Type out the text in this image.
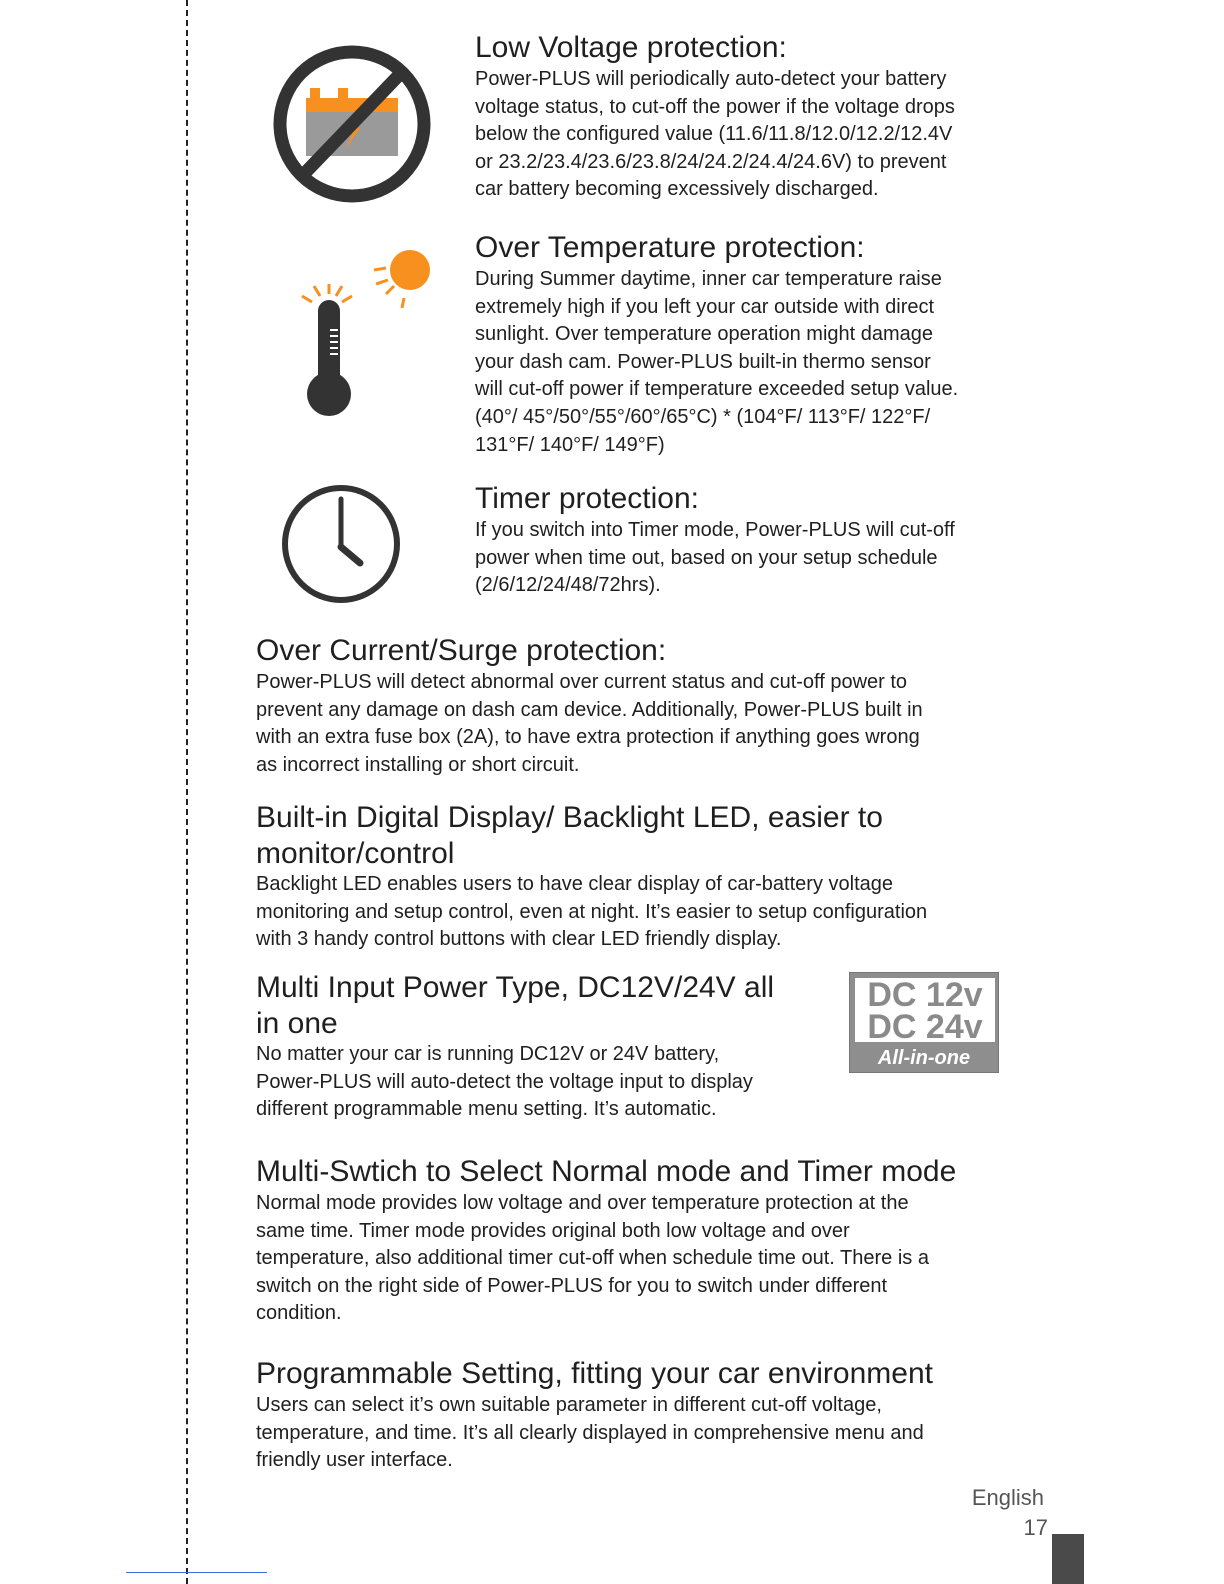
Low Voltage protection:
Power-PLUS will periodically auto-detect your battery
voltage status, to cut-off the power if the voltage drops
below the configured value (11.6/11.8/12.0/12.2/12.4V
or 23.2/23.4/23.6/23.8/24/24.2/24.4/24.6V) to prevent
car battery becoming excessively discharged.
Over Temperature protection:
During Summer daytime, inner car temperature raise
extremely high if you left your car outside with direct
sunlight. Over temperature operation might damage
your dash cam. Power-PLUS built-in thermo sensor
will cut-off power if temperature exceeded setup value.
(40°/ 45°/50°/55°/60°/65°C) * (104°F/ 113°F/ 122°F/
131°F/ 140°F/ 149°F)
Timer protection:
If you switch into Timer mode, Power-PLUS will cut-off
power when time out, based on your setup schedule
(2/6/12/24/48/72hrs).
Over Current/Surge protection:
Power-PLUS will detect abnormal over current status and cut-off power to
prevent any damage on dash cam device. Additionally, Power-PLUS built in
with an extra fuse box (2A), to have extra protection if anything goes wrong
as incorrect installing or short circuit.
Built-in Digital Display/ Backlight LED, easier to
monitor/control
Backlight LED enables users to have clear display of car-battery voltage
monitoring and setup control, even at night. It’s easier to setup configuration
with 3 handy control buttons with clear LED friendly display.
Multi Input Power Type, DC12V/24V all
in one
No matter your car is running DC12V or 24V battery,
Power-PLUS will auto-detect the voltage input to display
different programmable menu setting. It’s automatic.
DC 12v
DC 24v
All-in-one
Multi-Swtich to Select Normal mode and Timer mode
Normal mode provides low voltage and over temperature protection at the
same time. Timer mode provides original both low voltage and over
temperature, also additional timer cut-off when schedule time out. There is a
switch on the right side of Power-PLUS for you to switch under different
condition.
Programmable Setting, fitting your car environment
Users can select it’s own suitable parameter in different cut-off voltage,
temperature, and time. It’s all clearly displayed in comprehensive menu and
friendly user interface.
English
17
